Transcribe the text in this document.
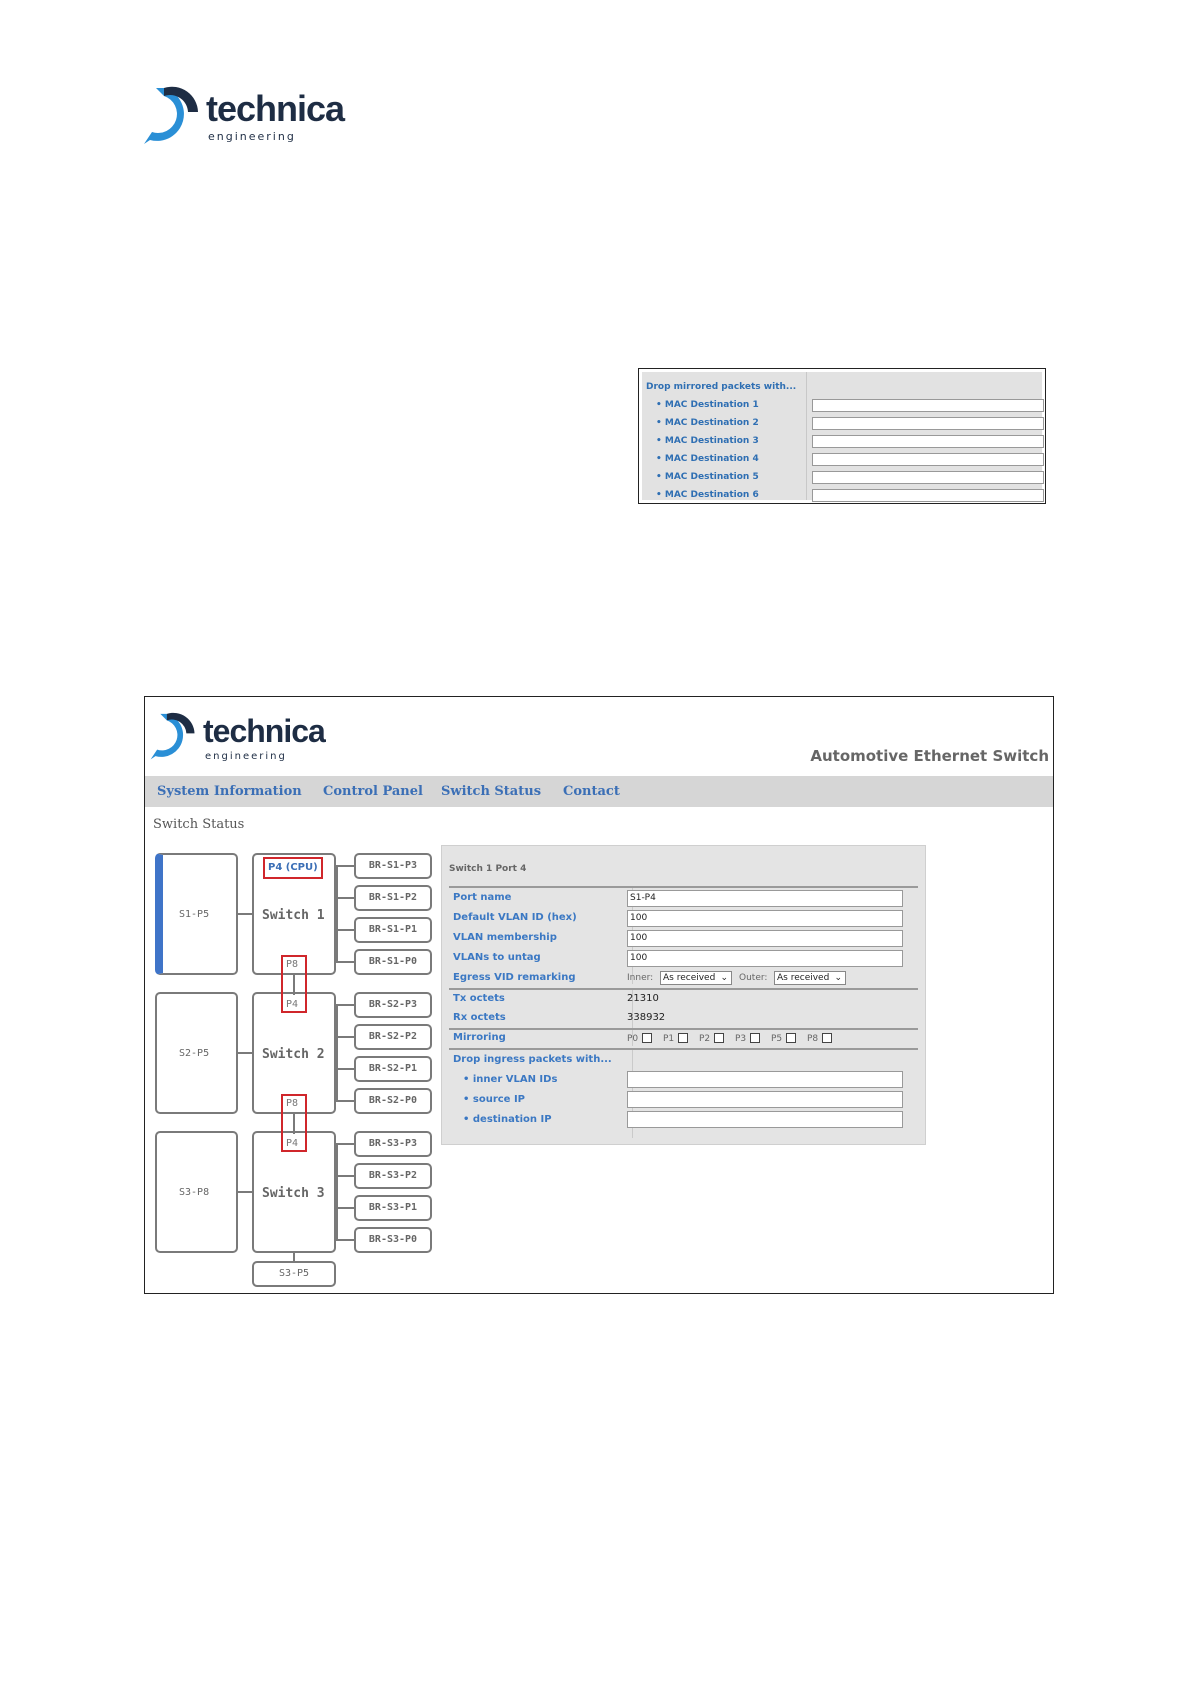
technica
engineering
Drop mirrored packets with...
• MAC Destination 1
• MAC Destination 2
• MAC Destination 3
• MAC Destination 4
• MAC Destination 5
• MAC Destination 6
technica
engineering	Automotive Ethernet Switch
System Information Control Panel Switch Status Contact
Switch Status
S1-P5
S2-P5
S3-P8
Switch 1
Switch 2
Switch 3
P4 (CPU)
P8
P4
P8
P4
BR-S1-P3
BR-S1-P2
BR-S1-P1
BR-S1-P0
BR-S2-P3
BR-S2-P2
BR-S2-P1
BR-S2-P0
BR-S3-P3
BR-S3-P2
BR-S3-P1
BR-S3-P0
S3-P5
Switch 1 Port 4
Port name	S1-P4
Default VLAN ID (hex)	100
VLAN membership	100
VLANs to untag	100
Egress VID remarking	Inner:	As received ⌄ Outer:	As received ⌄
Tx octets	21310
Rx octets	338932
Mirroring	P0	P1	P2	P3	P5	P8
Drop ingress packets with...
• inner VLAN IDs
• source IP
• destination IP
